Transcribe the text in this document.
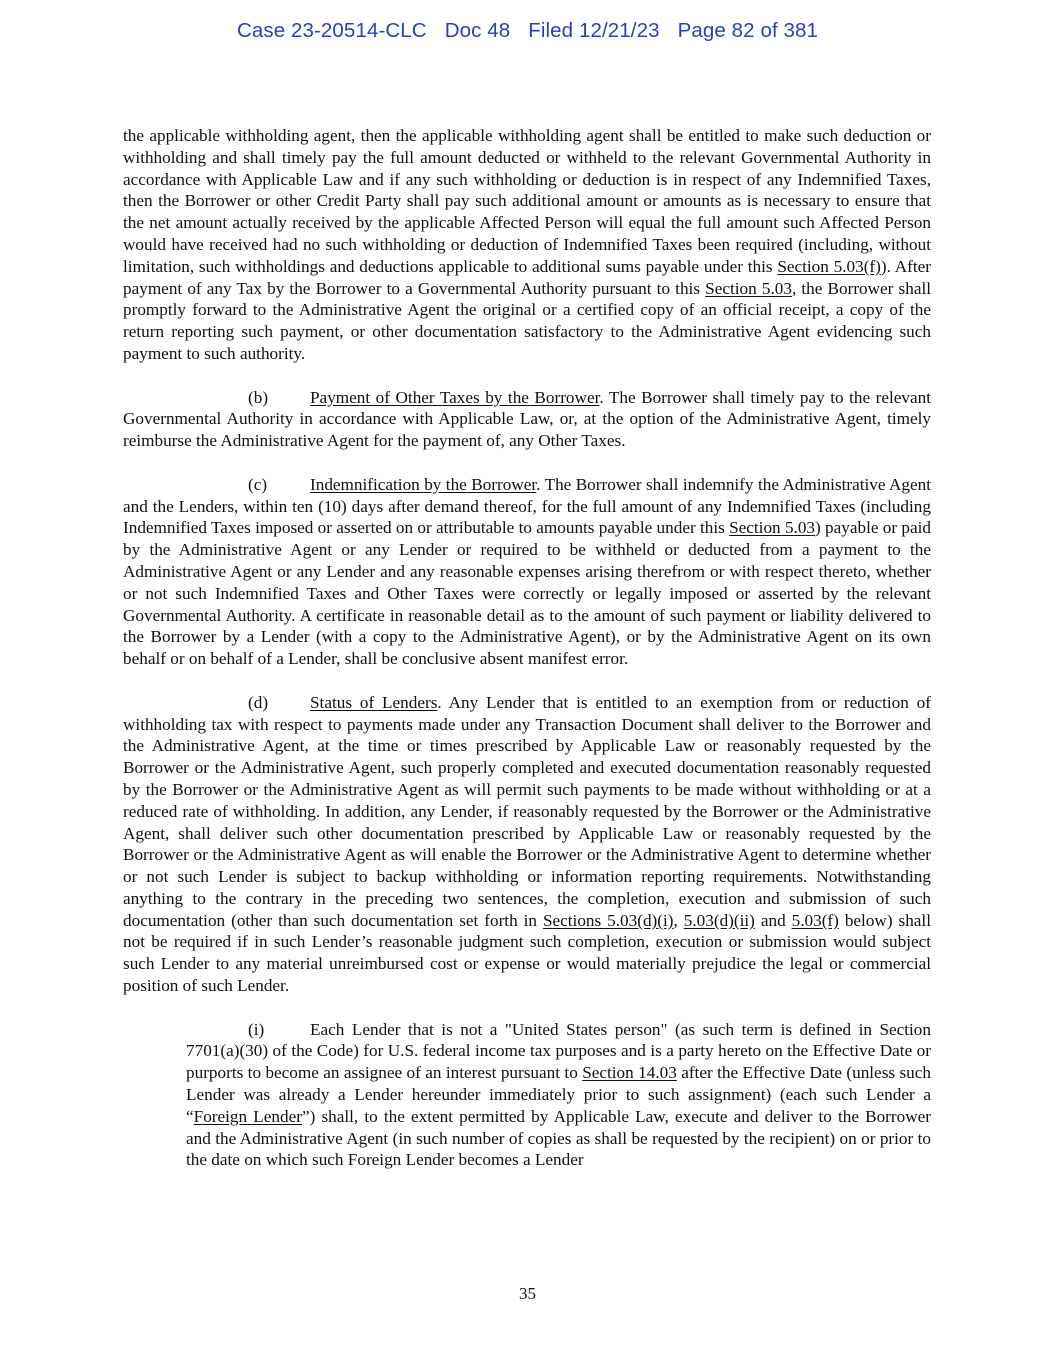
Case 23-20514-CLC Doc 48 Filed 12/21/23 Page 82 of 381

the applicable withholding agent, then the applicable withholding agent shall be entitled to make such deduction or withholding and shall timely pay the full amount deducted or withheld to the relevant Governmental Authority in accordance with Applicable Law and if any such withholding or deduction is in respect of any Indemnified Taxes, then the Borrower or other Credit Party shall pay such additional amount or amounts as is necessary to ensure that the net amount actually received by the applicable Affected Person will equal the full amount such Affected Person would have received had no such withholding or deduction of Indemnified Taxes been required (including, without limitation, such withholdings and deductions applicable to additional sums payable under this Section 5.03(f)). After payment of any Tax by the Borrower to a Governmental Authority pursuant to this Section 5.03, the Borrower shall promptly forward to the Administrative Agent the original or a certified copy of an official receipt, a copy of the return reporting such payment, or other documentation satisfactory to the Administrative Agent evidencing such payment to such authority.

(b) Payment of Other Taxes by the Borrower. The Borrower shall timely pay to the relevant Governmental Authority in accordance with Applicable Law, or, at the option of the Administrative Agent, timely reimburse the Administrative Agent for the payment of, any Other Taxes.

(c) Indemnification by the Borrower. The Borrower shall indemnify the Administrative Agent and the Lenders, within ten (10) days after demand thereof, for the full amount of any Indemnified Taxes (including Indemnified Taxes imposed or asserted on or attributable to amounts payable under this Section 5.03) payable or paid by the Administrative Agent or any Lender or required to be withheld or deducted from a payment to the Administrative Agent or any Lender and any reasonable expenses arising therefrom or with respect thereto, whether or not such Indemnified Taxes and Other Taxes were correctly or legally imposed or asserted by the relevant Governmental Authority. A certificate in reasonable detail as to the amount of such payment or liability delivered to the Borrower by a Lender (with a copy to the Administrative Agent), or by the Administrative Agent on its own behalf or on behalf of a Lender, shall be conclusive absent manifest error.

(d) Status of Lenders. Any Lender that is entitled to an exemption from or reduction of withholding tax with respect to payments made under any Transaction Document shall deliver to the Borrower and the Administrative Agent, at the time or times prescribed by Applicable Law or reasonably requested by the Borrower or the Administrative Agent, such properly completed and executed documentation reasonably requested by the Borrower or the Administrative Agent as will permit such payments to be made without withholding or at a reduced rate of withholding. In addition, any Lender, if reasonably requested by the Borrower or the Administrative Agent, shall deliver such other documentation prescribed by Applicable Law or reasonably requested by the Borrower or the Administrative Agent as will enable the Borrower or the Administrative Agent to determine whether or not such Lender is subject to backup withholding or information reporting requirements. Notwithstanding anything to the contrary in the preceding two sentences, the completion, execution and submission of such documentation (other than such documentation set forth in Sections 5.03(d)(i), 5.03(d)(ii) and 5.03(f) below) shall not be required if in such Lender’s reasonable judgment such completion, execution or submission would subject such Lender to any material unreimbursed cost or expense or would materially prejudice the legal or commercial position of such Lender.

(i)	Each Lender that is not a "United States person" (as such term is defined in Section 7701(a)(30) of the Code) for U.S. federal income tax purposes and is a party hereto on the Effective Date or purports to become an assignee of an interest pursuant to Section 14.03 after the Effective Date (unless such Lender was already a Lender hereunder immediately prior to such assignment) (each such Lender a “Foreign Lender”) shall, to the extent permitted by Applicable Law, execute and deliver to the Borrower and the Administrative Agent (in such number of copies as shall be requested by the recipient) on or prior to the date on which such Foreign Lender becomes a Lender

35
